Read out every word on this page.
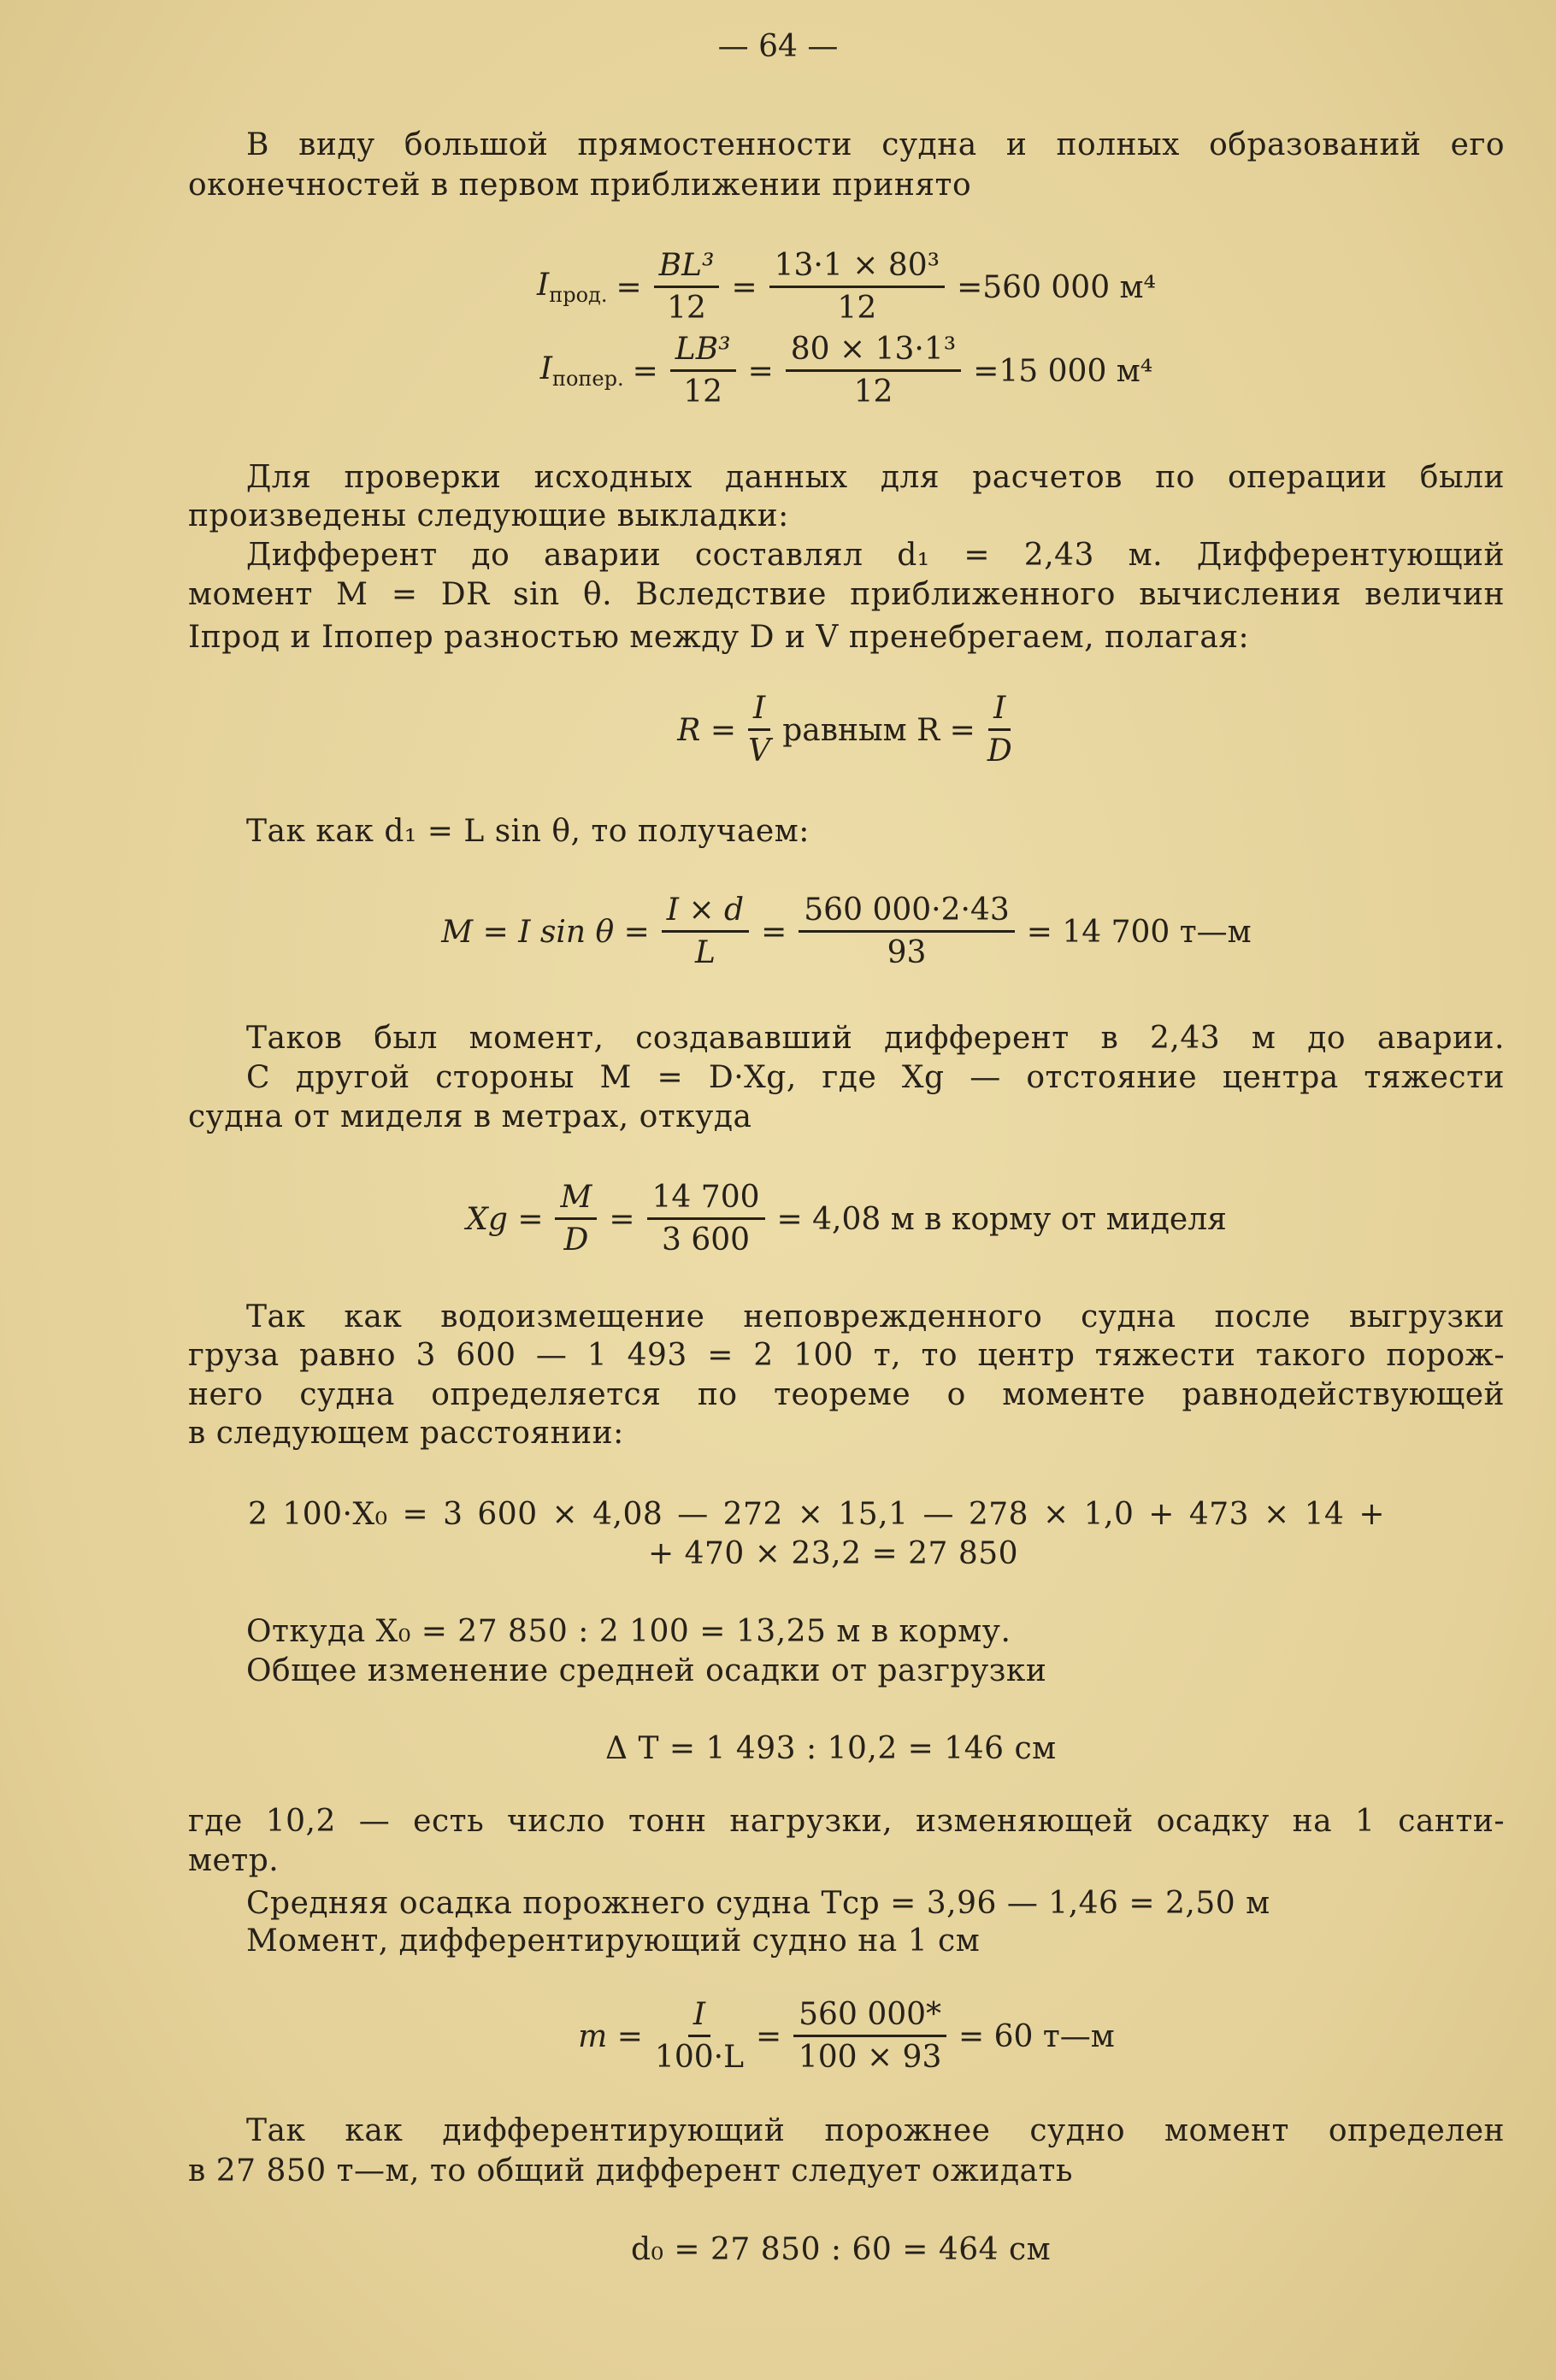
— 64 —
В виду большой прямостенности судна и полных образований его
оконечностей в первом приближении принято
$I_{прод.} = \frac{\text{BL³}}{12} = \frac{\text{13·1 × 80³}}{12} =560$ 000 м⁴
$I_{попер.} = \frac{\text{LB³}}{12} = \frac{\text{80 × 13·1³}}{12} =15$ 000 м⁴
Для проверки исходных данных для расчетов по операции были
произведены следующие выкладки:
Дифферент до аварии составлял d₁ = 2,43 м. Дифферентующий
момент M = DR sin θ. Вследствие приближенного вычисления величин
Iпрод и Iпопер разностью между D и V пренебрегаем, полагая:
$R = \frac{I}{V}$ равным $R = \frac{I}{D}$
Так как d₁ = L sin θ, то получаем:
M = I $\sin \theta = \frac{I \times d}{L} = \frac{560 000\cdot 2\cdot 43}{93} = 14$ 700 т—м
Таков был момент, создававший дифферент в 2,43 м до аварии.
С другой стороны M = D·Xg, где Xg — отстояние центра тяжести
судна от миделя в метрах, откуда
$Xg = \frac{M}{D} = \frac{14 700}{3 600} = 4,08$ м в корму от миделя
Так как водоизмещение неповрежденного судна после выгрузки
груза равно 3 600 — 1 493 = 2 100 т, то центр тяжести такого порож-
него судна определяется по теореме о моменте равнодействующей
в следующем расстоянии:
2 100·X₀ = 3 600 × 4,08 — 272 × 15,1 — 278 × 1,0 + 473 × 14 +
+ 470 × 23,2 = 27 850
Откуда X₀ = 27 850 : 2 100 = 13,25 м в корму.
Общее изменение средней осадки от разгрузки
Δ T = 1 493 : 10,2 = 146 см
где 10,2 — есть число тонн нагрузки, изменяющей осадку на 1 санти-
метр.
Средняя осадка порожнего судна Tср = 3,96 — 1,46 = 2,50 м
Момент, дифферентирующий судно на 1 см
$m = \frac{I}{100\cdot L} = \frac{560 000*}{100 \times 93} = 60$ т—м
Так как дифферентирующий порожнее судно момент определен
в 27 850 т—м, то общий дифферент следует ожидать
d₀ = 27 850 : 60 = 464 см
